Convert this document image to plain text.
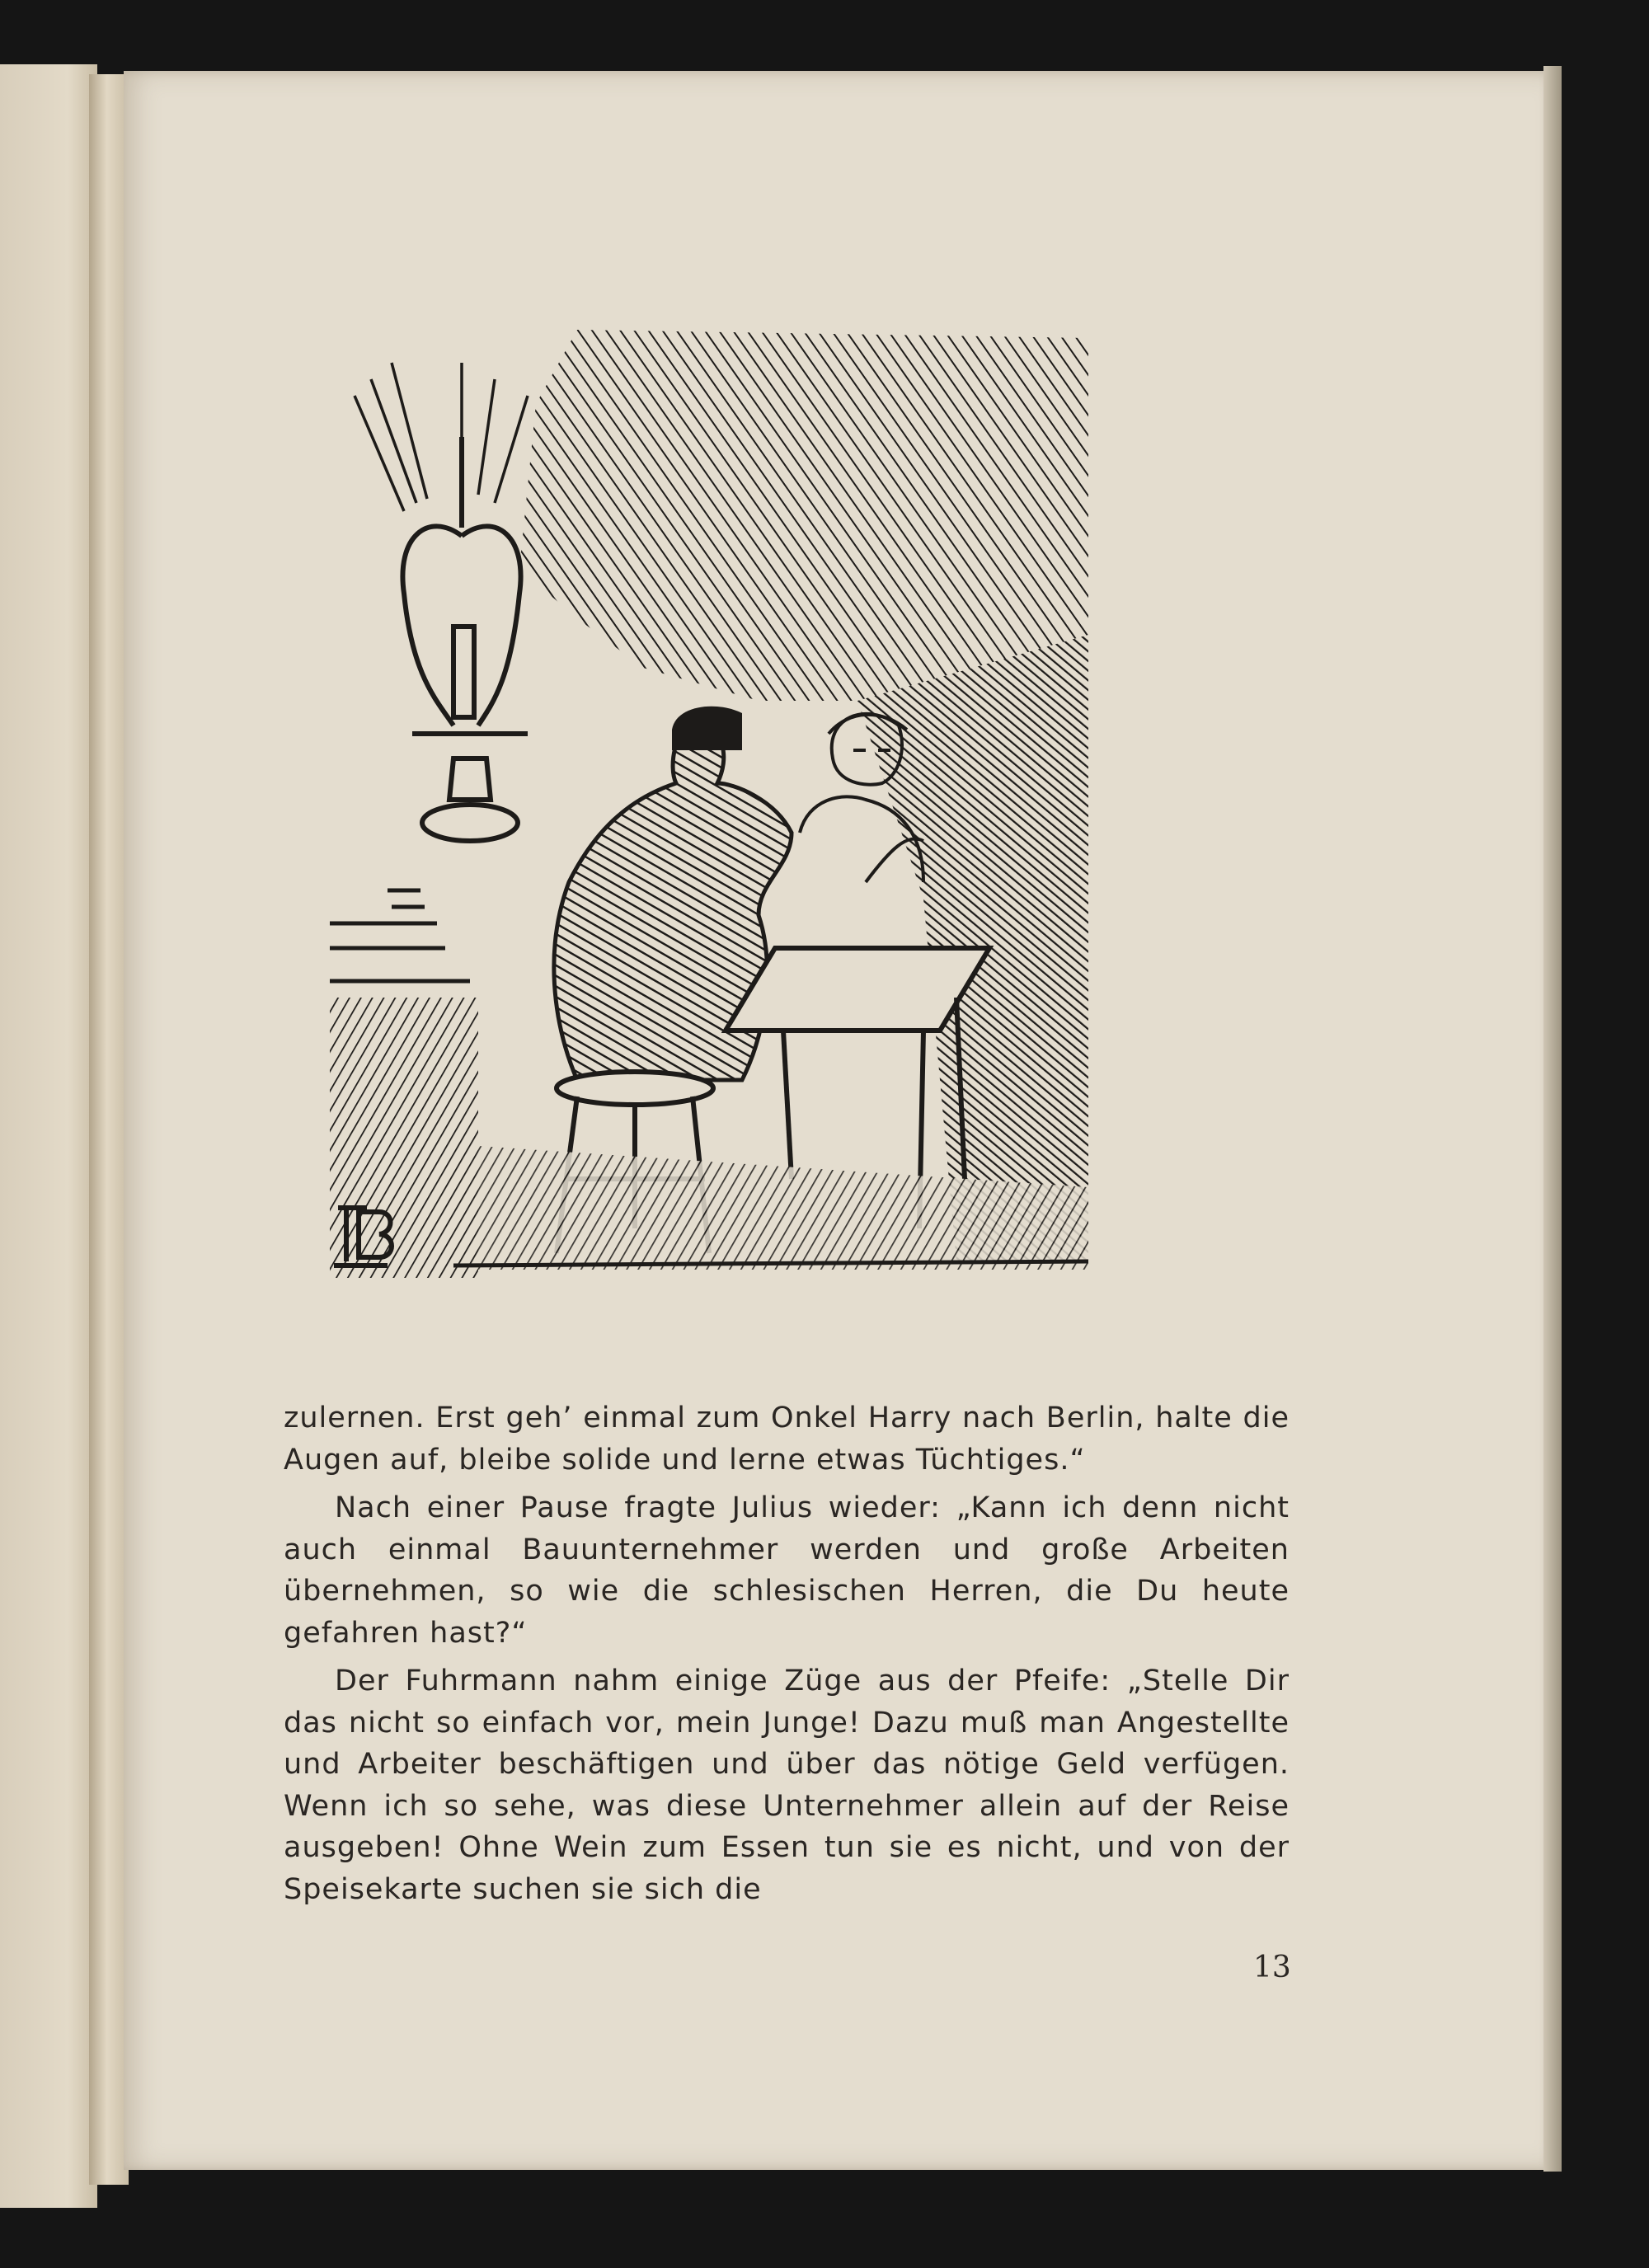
zulernen. Erst geh’ einmal zum Onkel Harry nach Berlin, halte die Augen auf, bleibe solide und lerne etwas Tüchtiges.“

Nach einer Pause fragte Julius wieder: „Kann ich denn nicht auch einmal Bauunternehmer werden und große Arbeiten übernehmen, so wie die schlesischen Herren, die Du heute gefahren hast?“

Der Fuhrmann nahm einige Züge aus der Pfeife: „Stelle Dir das nicht so einfach vor, mein Junge! Dazu muß man Angestellte und Arbeiter beschäftigen und über das nötige Geld verfügen. Wenn ich so sehe, was diese Unternehmer allein auf der Reise ausgeben! Ohne Wein zum Essen tun sie es nicht, und von der Speisekarte suchen sie sich die

13
